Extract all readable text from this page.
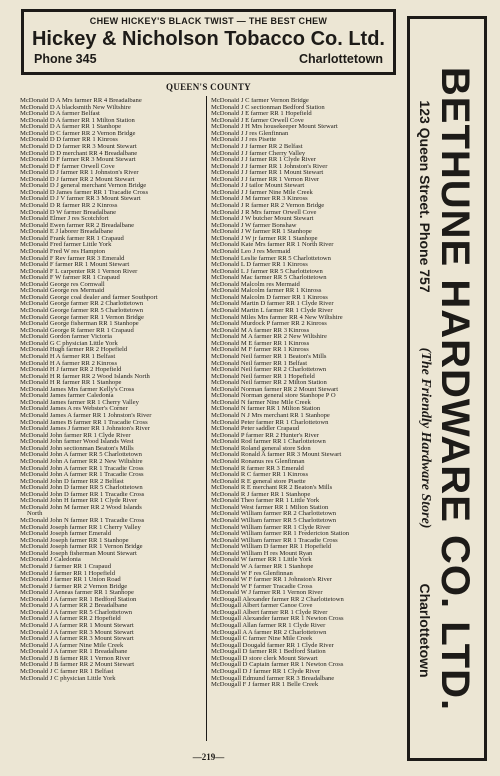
CHEW HICKEY'S BLACK TWIST — THE BEST CHEW
Hickey & Nicholson Tobacco Co. Ltd.
Phone 345	Charlottetown
BETHUNE HARDWARE CO. LTD.
123 Queen Street. Phone 757
(The Friendly Hardware Store)
Charlottetown
QUEEN'S COUNTY
McDonald D A Mrs farmer RR 4 Breadalbane
McDonald D A blacksmith New Wiltshire
McDonald D A farmer Belfast
McDonald D A farmer RR 1 Milton Station
McDonald D A farmer RR 1 Stanhope
McDonald D C farmer RR 2 Vernon Bridge
McDonald D D farmer RR 1 Kinross
McDonald D D farmer RR 3 Mount Stewart
McDonald D D merchant RR 4 Breadalbane
McDonald D F farmer RR 3 Mount Stewart
McDonald D F farmer Orwell Cove
McDonald D J farmer RR 1 Johnston's River
McDonald D J farmer RR 2 Mount Stewart
McDonald D J general merchant Vernon Bridge
McDonald D James farmer RR 1 Tracadie Cross
McDonald D J V farmer RR 3 Mount Stewart
McDonald D R farmer RR 2 Kinross
McDonald D W farmer Breadalbane
McDonald Elmer J res Scotchfort
McDonald Ewen farmer RR 2 Breadalbane
McDonald E J laborer Breadalbane
McDonald Frank farmer RR 1 Crapaud
McDonald Fred farmer Little York
McDonald Fred W res Hampton
McDonald F Rev farmer RR 3 Emerald
McDonald F farmer RR 1 Mount Stewart
McDonald F L carpenter RR 1 Vernon River
McDonald F W farmer RR 1 Crapaud
McDonald George res Cornwall
McDonald George res Mermaid
McDonald George coal dealer and farmer Southport
McDonald George farmer RR 2 Charlottetown
McDonald George farmer RR 5 Charlottetown
McDonald George farmer RR 1 Vernon Bridge
McDonald George fisherman RR 1 Stanhope
McDonald George R farmer RR 1 Crapaud
McDonald Gordon farmer Victoria
McDonald G C physician Little York
McDonald Hugh farmer RR 2 Hopefield
McDonald H A farmer RR 1 Belfast
McDonald H A farmer RR 2 Kinross
McDonald H J farmer RR 2 Hopefield
McDonald H R farmer RR 2 Wood Islands North
McDonald H R farmer RR 1 Stanhope
McDonald James Mrs farmer Kelly's Cross
McDonald James farmer Caledonia
McDonald James farmer RR 1 Cherry Valley
McDonald James A res Webster's Corner
McDonald James A farmer RR 1 Johnston's River
McDonald James B farmer RR 1 Tracadie Cross
McDonald James J farmer RR 1 Johnston's River
McDonald John farmer RR 1 Clyde River
McDonald John farmer Wood Islands West
McDonald John sectionman Beaton's Mills
McDonald John A farmer RR 5 Charlottetown
McDonald John A farmer RR 2 New Wiltshire
McDonald John A farmer RR 1 Tracadie Cross
McDonald John A farmer RR 1 Tracadie Cross
McDonald John D farmer RR 2 Belfast
McDonald John D farmer RR 5 Charlottetown
McDonald John D farmer RR 1 Tracadie Cross
McDonald John H farmer RR 1 Clyde River
McDonald John M farmer RR 2 Wood Islands
North
McDonald John N farmer RR 1 Tracadie Cross
McDonald Joseph farmer RR 1 Cherry Valley
McDonald Joseph farmer Emerald
McDonald Joseph farmer RR 1 Stanhope
McDonald Joseph farmer RR 1 Vernon Bridge
McDonald Joseph fisherman Mount Stewart
McDonald J Caledonia
McDonald J farmer RR 1 Crapaud
McDonald J farmer RR 1 Hopefield
McDonald J farmer RR 1 Union Road
McDonald J farmer RR 2 Vernon Bridge
McDonald J Aeneas farmer RR 1 Stanhope
McDonald J A farmer RR 1 Bedford Station
McDonald J A farmer RR 2 Breadalbane
McDonald J A farmer RR 5 Charlottetown
McDonald J A farmer RR 2 Hopefield
McDonald J A farmer RR 1 Mount Stewart
McDonald J A farmer RR 3 Mount Stewart
McDonald J A farmer RR 3 Mount Stewart
McDonald J A farmer Nine Mile Creek
McDonald J A farmer RR 1 Breadalbane
McDonald J B farmer RR 1 Vernon River
McDonald J B farmer RR 2 Mount Stewart
McDonald J C farmer RR 1 Belfast
McDonald J C physician Little York
McDonald J C farmer Vernon Bridge
McDonald J C sectionman Bedford Station
McDonald J E farmer RR 1 Hopefield
McDonald J E farmer Orwell Cove
McDonald J H Mrs housekeeper Mount Stewart
McDonald J J res Glenfinnan
McDonald J J res Pisette
McDonald J J farmer RR 2 Belfast
McDonald J J farmer Cherry Valley
McDonald J J farmer RR 1 Clyde River
McDonald J J farmer RR 1 Johnston's River
McDonald J J farmer RR 1 Mount Stewart
McDonald J J farmer RR 1 Vernon River
McDonald J J tailor Mount Stewart
McDonald J J farmer Nine Mile Creek
McDonald J M farmer RR 3 Kinross
McDonald J R farmer RR 2 Vernon Bridge
McDonald J R Mrs farmer Orwell Cove
McDonald J W butcher Mount Stewart
McDonald J W farmer Bonshaw
McDonald J W farmer RR 1 Stanhope
McDonald J W jr farmer RR 1 Stanhope
McDonald Kate Mrs farmer RR 1 North River
McDonald Leo J res Mermaid
McDonald Leslie farmer RR 5 Charlottetown
McDonald L D farmer RR 1 Kinross
McDonald L J farmer RR 5 Charlottetown
McDonald Mac farmer RR 5 Charlottetown
McDonald Malcolm res Mermaid
McDonald Malcolm farmer RR 1 Kinross
McDonald Malcolm D farmer RR 1 Kinross
McDonald Martin D farmer RR 1 Clyde River
McDonald Martin L farmer RR 1 Clyde River
McDonald Miles Mrs farmer RR 4 New Wiltshire
McDonald Murdock P farmer RR 2 Kinross
McDonald M A farmer RR 3 Kinross
McDonald M A farmer RR 2 New Wiltshire
McDonald M E farmer RR 1 Kinross
McDonald M F farmer RR 1 Kinross
McDonald Neil farmer RR 1 Beaton's Mills
McDonald Neil farmer RR 1 Belfast
McDonald Neil farmer RR 2 Charlottetown
McDonald Neil farmer RR 1 Hopefield
McDonald Neil farmer RR 2 Milton Station
McDonald Norman farmer RR 2 Mount Stewart
McDonald Norman general store Stanhope P O
McDonald N farmer Nine Mile Creek
McDonald N farmer RR 1 Milton Station
McDonald N J Mrs merchant RR 1 Stanhope
McDonald Peter farmer RR 1 Charlottetown
McDonald Peter saddler Crapaud
McDonald P farmer RR 2 Hunter's River
McDonald Rod farmer RR 1 Charlottetown
McDonald Roland general store Sdon
McDonald Ronald A farmer RR 3 Mount Stewart
McDonald Ronanus res Glenfinnan
McDonald R farmer RR 3 Emerald
McDonald R C farmer RR 1 Kinross
McDonald R E general store Pisette
McDonald R E merchant RR 2 Beaton's Mills
McDonald R J farmer RR 1 Stanhope
McDonald Theo farmer RR 1 Little York
McDonald West farmer RR 1 Milton Station
McDonald William farmer RR 2 Charlottetown
McDonald William farmer RR 5 Charlottetown
McDonald William farmer RR 1 Clyde River
McDonald William farmer RR 1 Fredericton Station
McDonald William farmer RR 1 Tracadie Cross
McDonald William D farmer RR 1 Hopefield
McDonald William H res Mount Ryan
McDonald W farmer RR 1 Little York
McDonald W A farmer RR 1 Stanhope
McDonald W F res Glenfinnan
McDonald W F farmer RR 1 Johnston's River
McDonald W F farmer Tracadie Cross
McDonald W J farmer RR 1 Vernon River
McDougall Alexander farmer RR 2 Charlottetown
McDougall Albert farmer Canoe Cove
McDougall Albert farmer RR 1 Clyde River
McDougall Alexander farmer RR 1 Newton Cross
McDougall Allan farmer RR 1 Clyde River
McDougall A A farmer RR 2 Charlottetown
McDougall C farmer Nine Mile Creek
McDougall Dougald farmer RR 1 Clyde River
McDougall D farmer RR 1 Bedford Station
McDougall D store clerk Mount Stewart
McDougall D Captain farmer RR 1 Newton Cross
McDougall D J farmer RR 1 Clyde River
McDougall Edmund farmer RR 3 Breadalbane
McDougall F J farmer RR 1 Belle Creek
—219—
